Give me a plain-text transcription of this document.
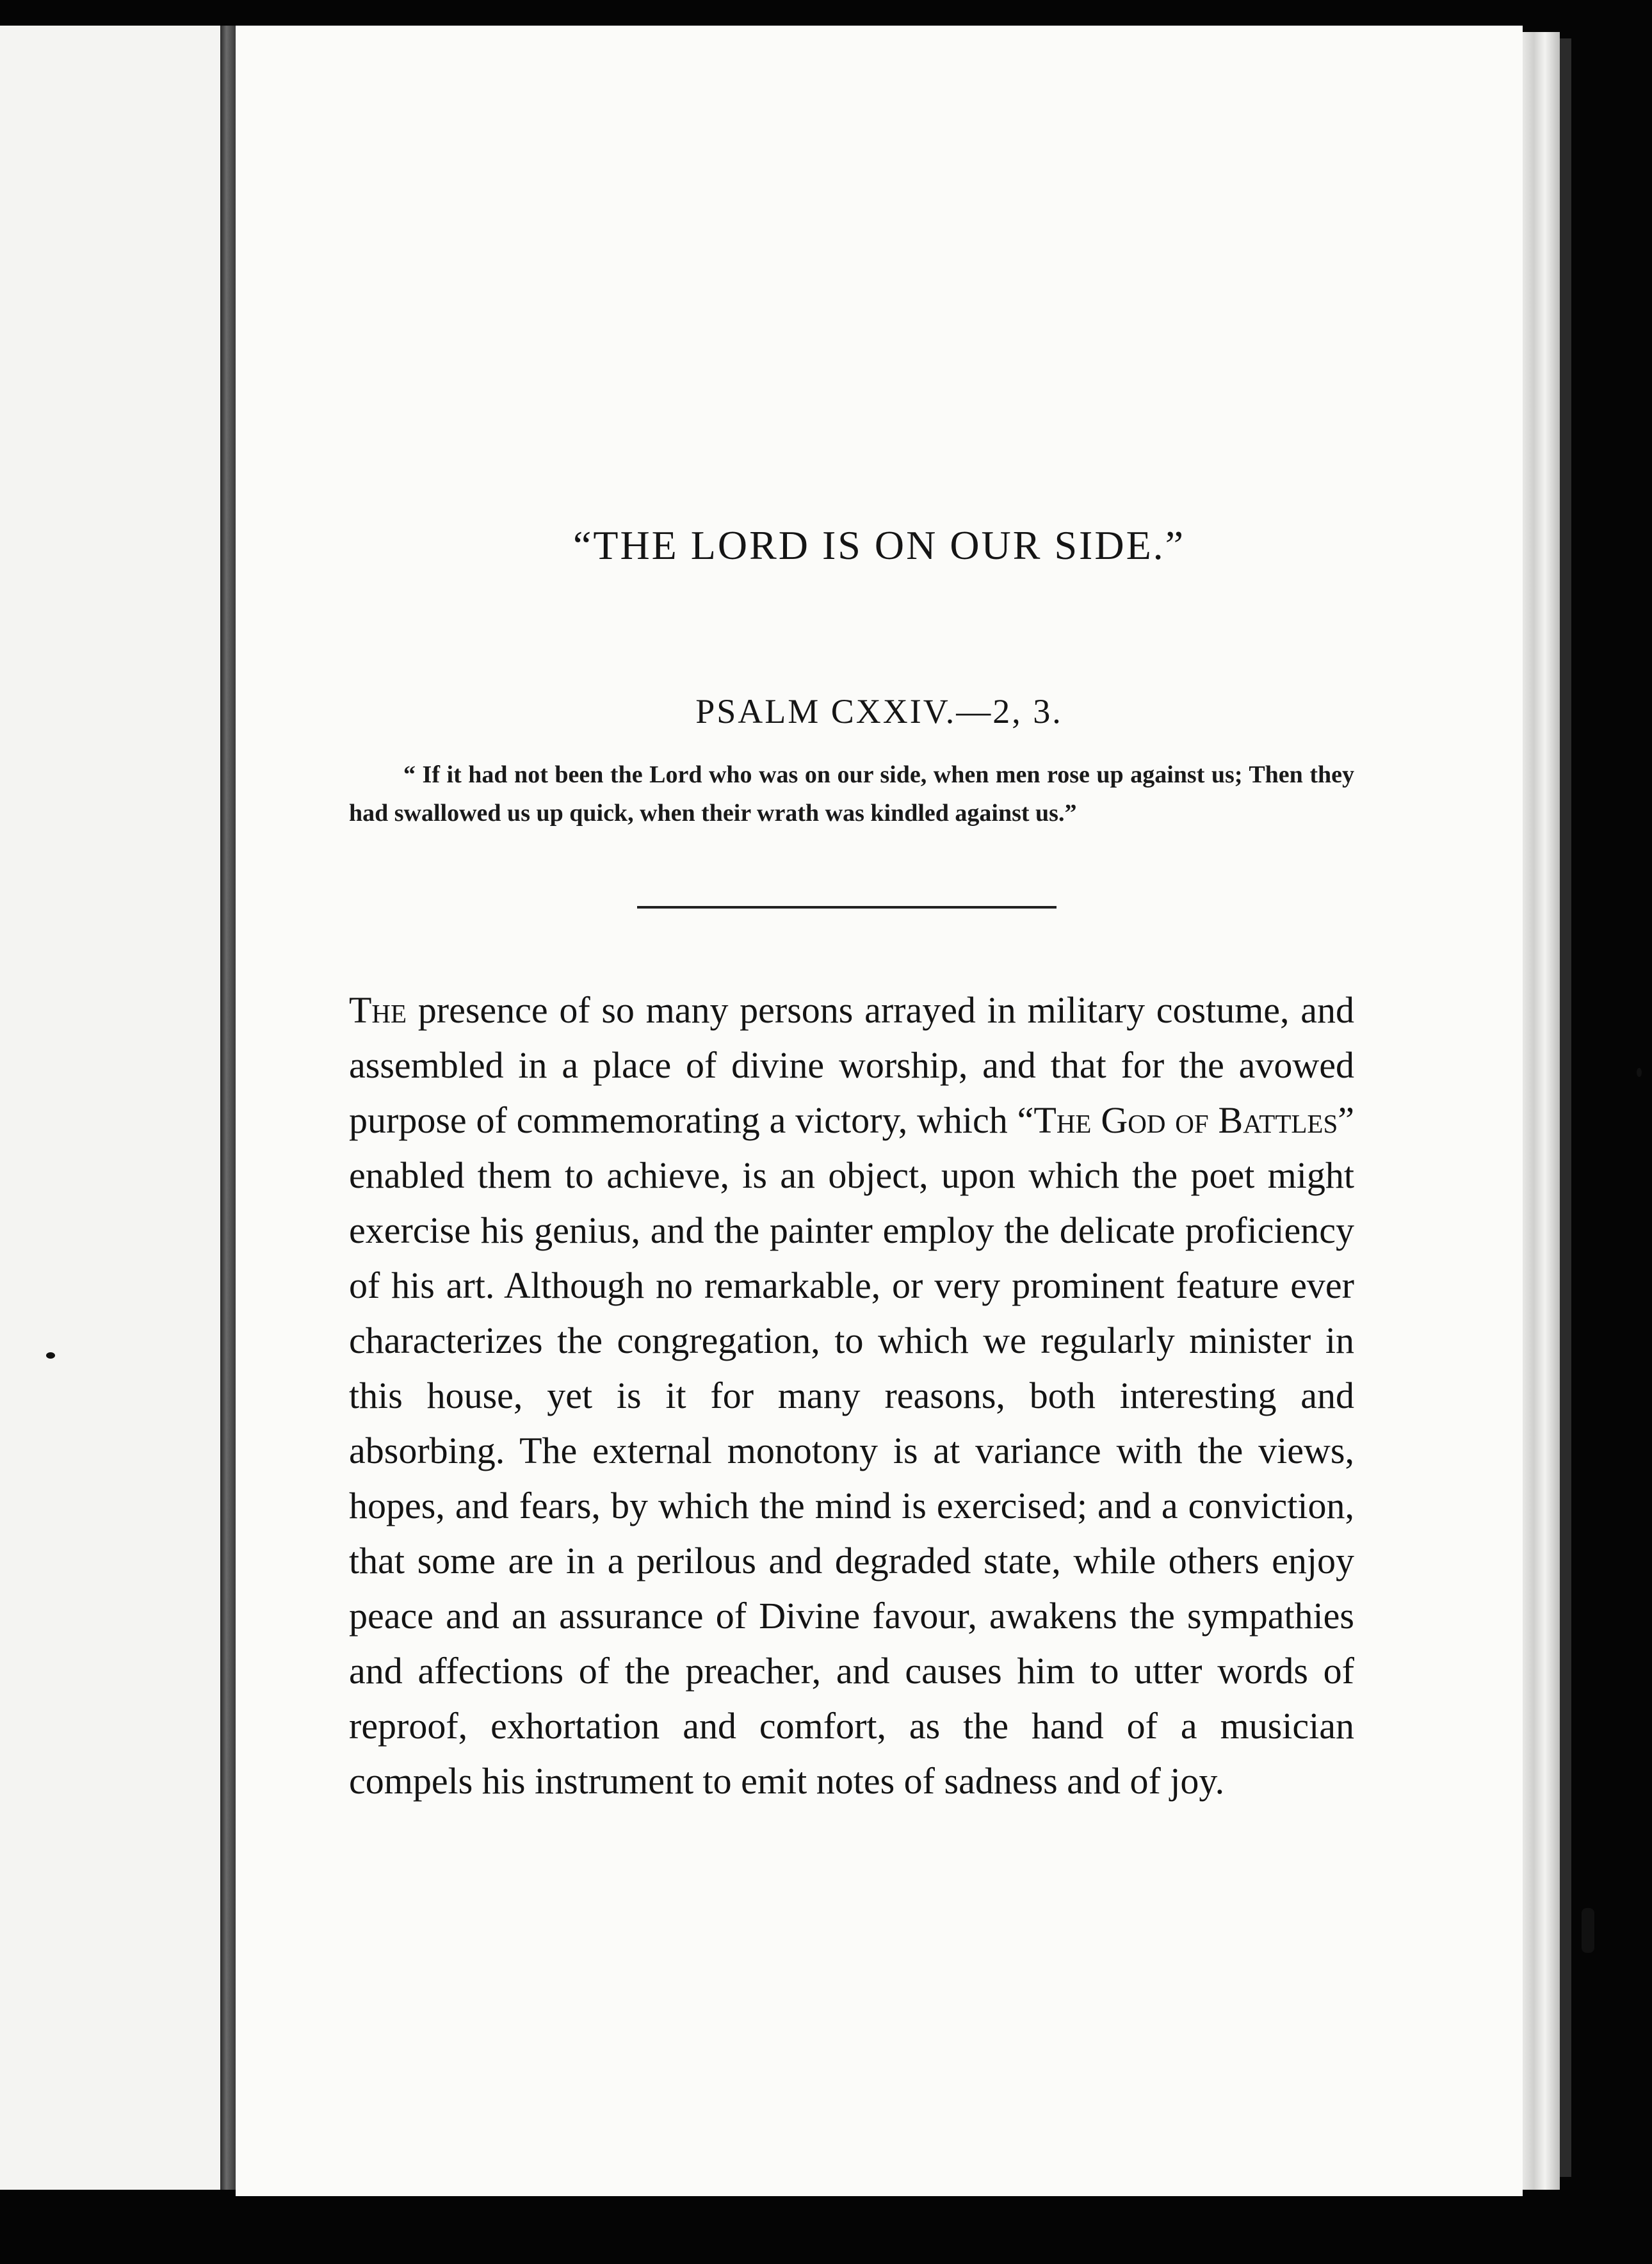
“THE LORD IS ON OUR SIDE.”
PSALM CXXIV.—2, 3.
“ If it had not been the Lord who was on our side, when men rose up against us; Then they had swallowed us up quick, when their wrath was kindled against us.”
The presence of so many persons arrayed in military costume, and assembled in a place of divine worship, and that for the avowed purpose of commemorating a victory, which “The God of Battles” enabled them to achieve, is an object, upon which the poet might exercise his genius, and the painter employ the delicate proficiency of his art. Although no remarkable, or very prominent feature ever characterizes the congregation, to which we regularly minister in this house, yet is it for many reasons, both interesting and absorbing. The external monotony is at variance with the views, hopes, and fears, by which the mind is exercised; and a conviction, that some are in a perilous and degraded state, while others enjoy peace and an assurance of Divine favour, awakens the sympathies and affections of the preacher, and causes him to utter words of reproof, exhortation and comfort, as the hand of a musician compels his instrument to emit notes of sadness and of joy.
